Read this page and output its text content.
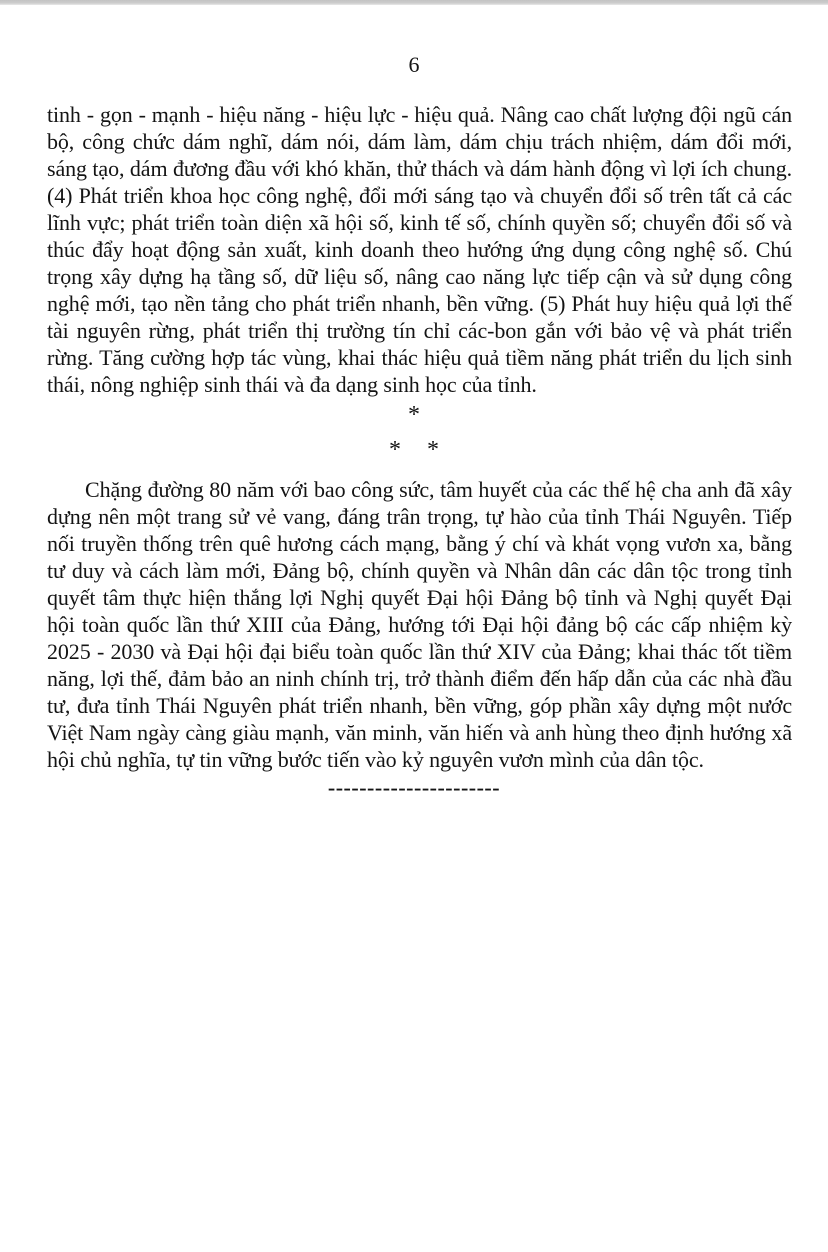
6

tinh - gọn - mạnh - hiệu năng - hiệu lực - hiệu quả. Nâng cao chất lượng đội ngũ cán bộ, công chức dám nghĩ, dám nói, dám làm, dám chịu trách nhiệm, dám đổi mới, sáng tạo, dám đương đầu với khó khăn, thử thách và dám hành động vì lợi ích chung. (4) Phát triển khoa học công nghệ, đổi mới sáng tạo và chuyển đổi số trên tất cả các lĩnh vực; phát triển toàn diện xã hội số, kinh tế số, chính quyền số; chuyển đổi số và thúc đẩy hoạt động sản xuất, kinh doanh theo hướng ứng dụng công nghệ số. Chú trọng xây dựng hạ tầng số, dữ liệu số, nâng cao năng lực tiếp cận và sử dụng công nghệ mới, tạo nền tảng cho phát triển nhanh, bền vững. (5) Phát huy hiệu quả lợi thế tài nguyên rừng, phát triển thị trường tín chỉ các-bon gắn với bảo vệ và phát triển rừng. Tăng cường hợp tác vùng, khai thác hiệu quả tiềm năng phát triển du lịch sinh thái, nông nghiệp sinh thái và đa dạng sinh học của tỉnh.

*
* *

Chặng đường 80 năm với bao công sức, tâm huyết của các thế hệ cha anh đã xây dựng nên một trang sử vẻ vang, đáng trân trọng, tự hào của tỉnh Thái Nguyên. Tiếp nối truyền thống trên quê hương cách mạng, bằng ý chí và khát vọng vươn xa, bằng tư duy và cách làm mới, Đảng bộ, chính quyền và Nhân dân các dân tộc trong tỉnh quyết tâm thực hiện thắng lợi Nghị quyết Đại hội Đảng bộ tỉnh và Nghị quyết Đại hội toàn quốc lần thứ XIII của Đảng, hướng tới Đại hội đảng bộ các cấp nhiệm kỳ 2025 - 2030 và Đại hội đại biểu toàn quốc lần thứ XIV của Đảng; khai thác tốt tiềm năng, lợi thế, đảm bảo an ninh chính trị, trở thành điểm đến hấp dẫn của các nhà đầu tư, đưa tỉnh Thái Nguyên phát triển nhanh, bền vững, góp phần xây dựng một nước Việt Nam ngày càng giàu mạnh, văn minh, văn hiến và anh hùng theo định hướng xã hội chủ nghĩa, tự tin vững bước tiến vào kỷ nguyên vươn mình của dân tộc.

----------------------
